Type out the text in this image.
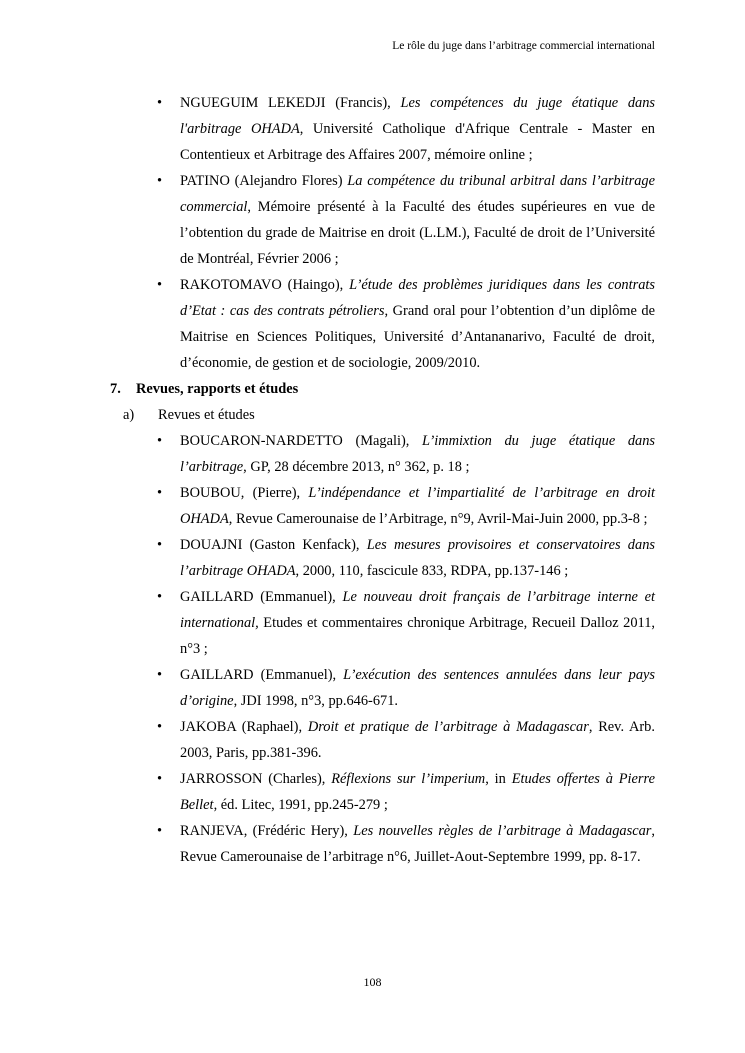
Le rôle du juge dans l’arbitrage commercial international
• NGUEGUIM LEKEDJI (Francis), Les compétences du juge étatique dans l'arbitrage OHADA, Université Catholique d'Afrique Centrale - Master en Contentieux et Arbitrage des Affaires 2007, mémoire online ;
• PATINO (Alejandro Flores) La compétence du tribunal arbitral dans l’arbitrage commercial, Mémoire présenté à la Faculté des études supérieures en vue de l’obtention du grade de Maitrise en droit (L.LM.), Faculté de droit de l’Université de Montréal, Février 2006 ;
• RAKOTOMAVO (Haingo), L’étude des problèmes juridiques dans les contrats d’Etat : cas des contrats pétroliers, Grand oral pour l’obtention d’un diplôme de Maitrise en Sciences Politiques, Université d’Antananarivo, Faculté de droit, d’économie, de gestion et de sociologie, 2009/2010.
7. Revues, rapports et études
a) Revues et études
• BOUCARON-NARDETTO (Magali), L’immixtion du juge étatique dans l’arbitrage, GP, 28 décembre 2013, n° 362, p. 18 ;
• BOUBOU, (Pierre), L’indépendance et l’impartialité de l’arbitrage en droit OHADA, Revue Camerounaise de l’Arbitrage, n°9, Avril-Mai-Juin 2000, pp.3-8 ;
• DOUAJNI (Gaston Kenfack), Les mesures provisoires et conservatoires dans l’arbitrage OHADA, 2000, 110, fascicule 833, RDPA, pp.137-146 ;
• GAILLARD (Emmanuel), Le nouveau droit français de l’arbitrage interne et international, Etudes et commentaires chronique Arbitrage, Recueil Dalloz 2011, n°3 ;
• GAILLARD (Emmanuel), L’exécution des sentences annulées dans leur pays d’origine, JDI 1998, n°3, pp.646-671.
• JAKOBA (Raphael), Droit et pratique de l’arbitrage à Madagascar, Rev. Arb. 2003, Paris, pp.381-396.
• JARROSSON (Charles), Réflexions sur l’imperium, in Etudes offertes à Pierre Bellet, éd. Litec, 1991, pp.245-279 ;
• RANJEVA, (Frédéric Hery), Les nouvelles règles de l’arbitrage à Madagascar, Revue Camerounaise de l’arbitrage n°6, Juillet-Aout-Septembre 1999, pp. 8-17.
108
